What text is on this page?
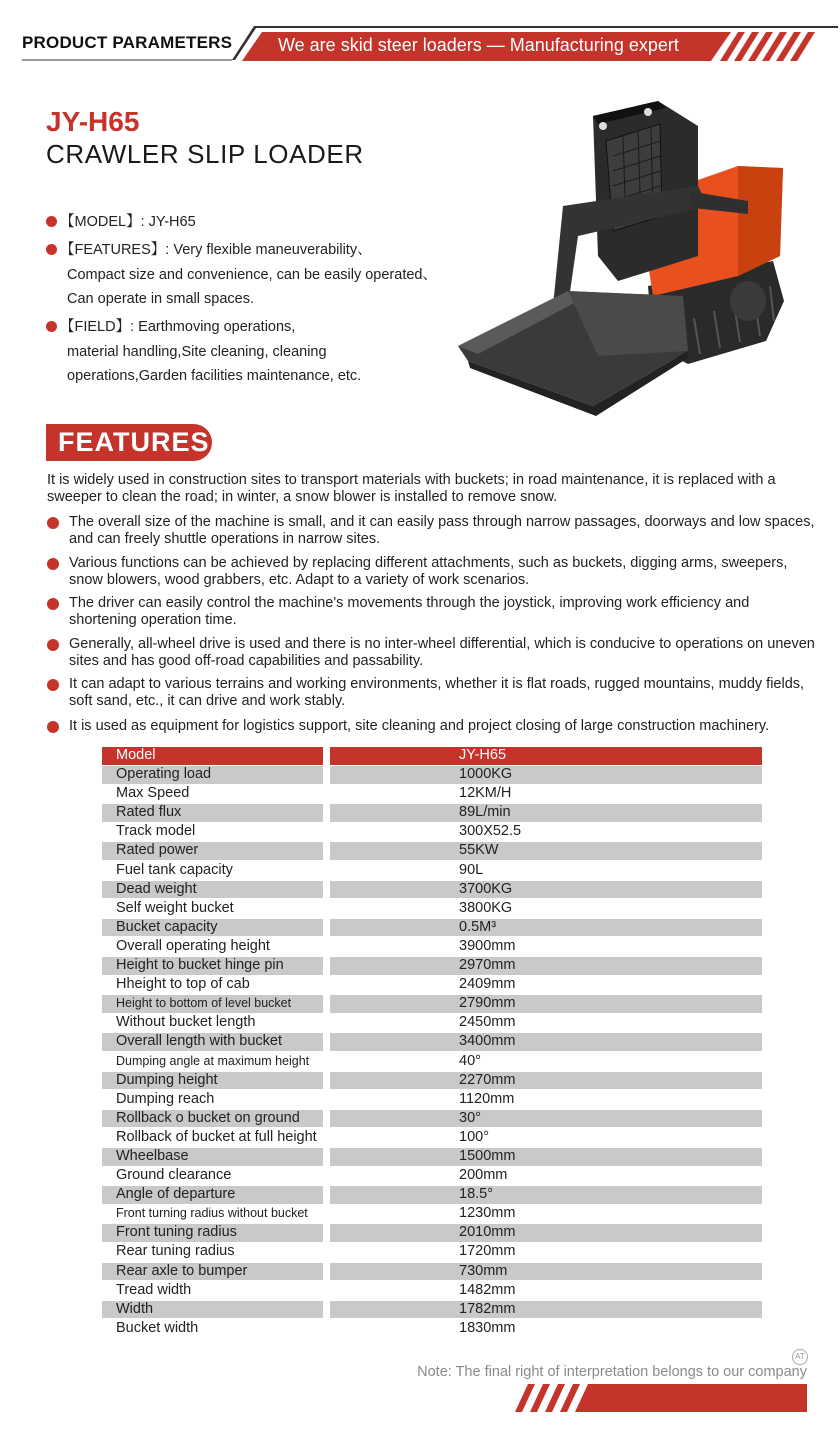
PRODUCT PARAMETERS	We are skid steer loaders — Manufacturing expert
JY-H65
CRAWLER SLIP LOADER
【MODEL】: JY-H65
【FEATURES】: Very flexible maneuverability、
Compact size and convenience, can be easily operated、
Can operate in small spaces.
【FIELD】: Earthmoving operations,
material handling,Site cleaning, cleaning
operations,Garden facilities maintenance, etc.
FEATURES
It is widely used in construction sites to transport materials with buckets; in road maintenance, it is replaced with a sweeper to clean the road; in winter, a snow blower is installed to remove snow.
The overall size of the machine is small, and it can easily pass through narrow passages, doorways and low spaces, and can freely shuttle operations in narrow sites.
Various functions can be achieved by replacing different attachments, such as buckets, digging arms, sweepers, snow blowers, wood grabbers, etc. Adapt to a variety of work scenarios.
The driver can easily control the machine's movements through the joystick, improving work efficiency and shortening operation time.
Generally, all-wheel drive is used and there is no inter-wheel differential, which is conducive to operations on uneven sites and has good off-road capabilities and passability.
It can adapt to various terrains and working environments, whether it is flat roads, rugged mountains, muddy fields, soft sand, etc., it can drive and work stably.
It is used as equipment for logistics support, site cleaning and project closing of large construction machinery.
Model	JY-H65
Operating load	1000KG
Max Speed	12KM/H
Rated flux	89L/min
Track model	300X52.5
Rated power	55KW
Fuel tank capacity	90L
Dead weight	3700KG
Self weight bucket	3800KG
Bucket capacity	0.5M³
Overall operating height	3900mm
Height to bucket hinge pin	2970mm
Hheight to top of cab	2409mm
Height to bottom of level bucket	2790mm
Without bucket length	2450mm
Overall length with bucket	3400mm
Dumping angle at maximum height	40°
Dumping height	2270mm
Dumping reach	1120mm
Rollback o bucket on ground	30°
Rollback of bucket at full height	100°
Wheelbase	1500mm
Ground clearance	200mm
Angle of departure	18.5°
Front turning radius without bucket	1230mm
Front tuning radius	2010mm
Rear tuning radius	1720mm
Rear axle to bumper	730mm
Tread width	1482mm
Width	1782mm
Bucket width	1830mm
AT
Note: The final right of interpretation belongs to our company
